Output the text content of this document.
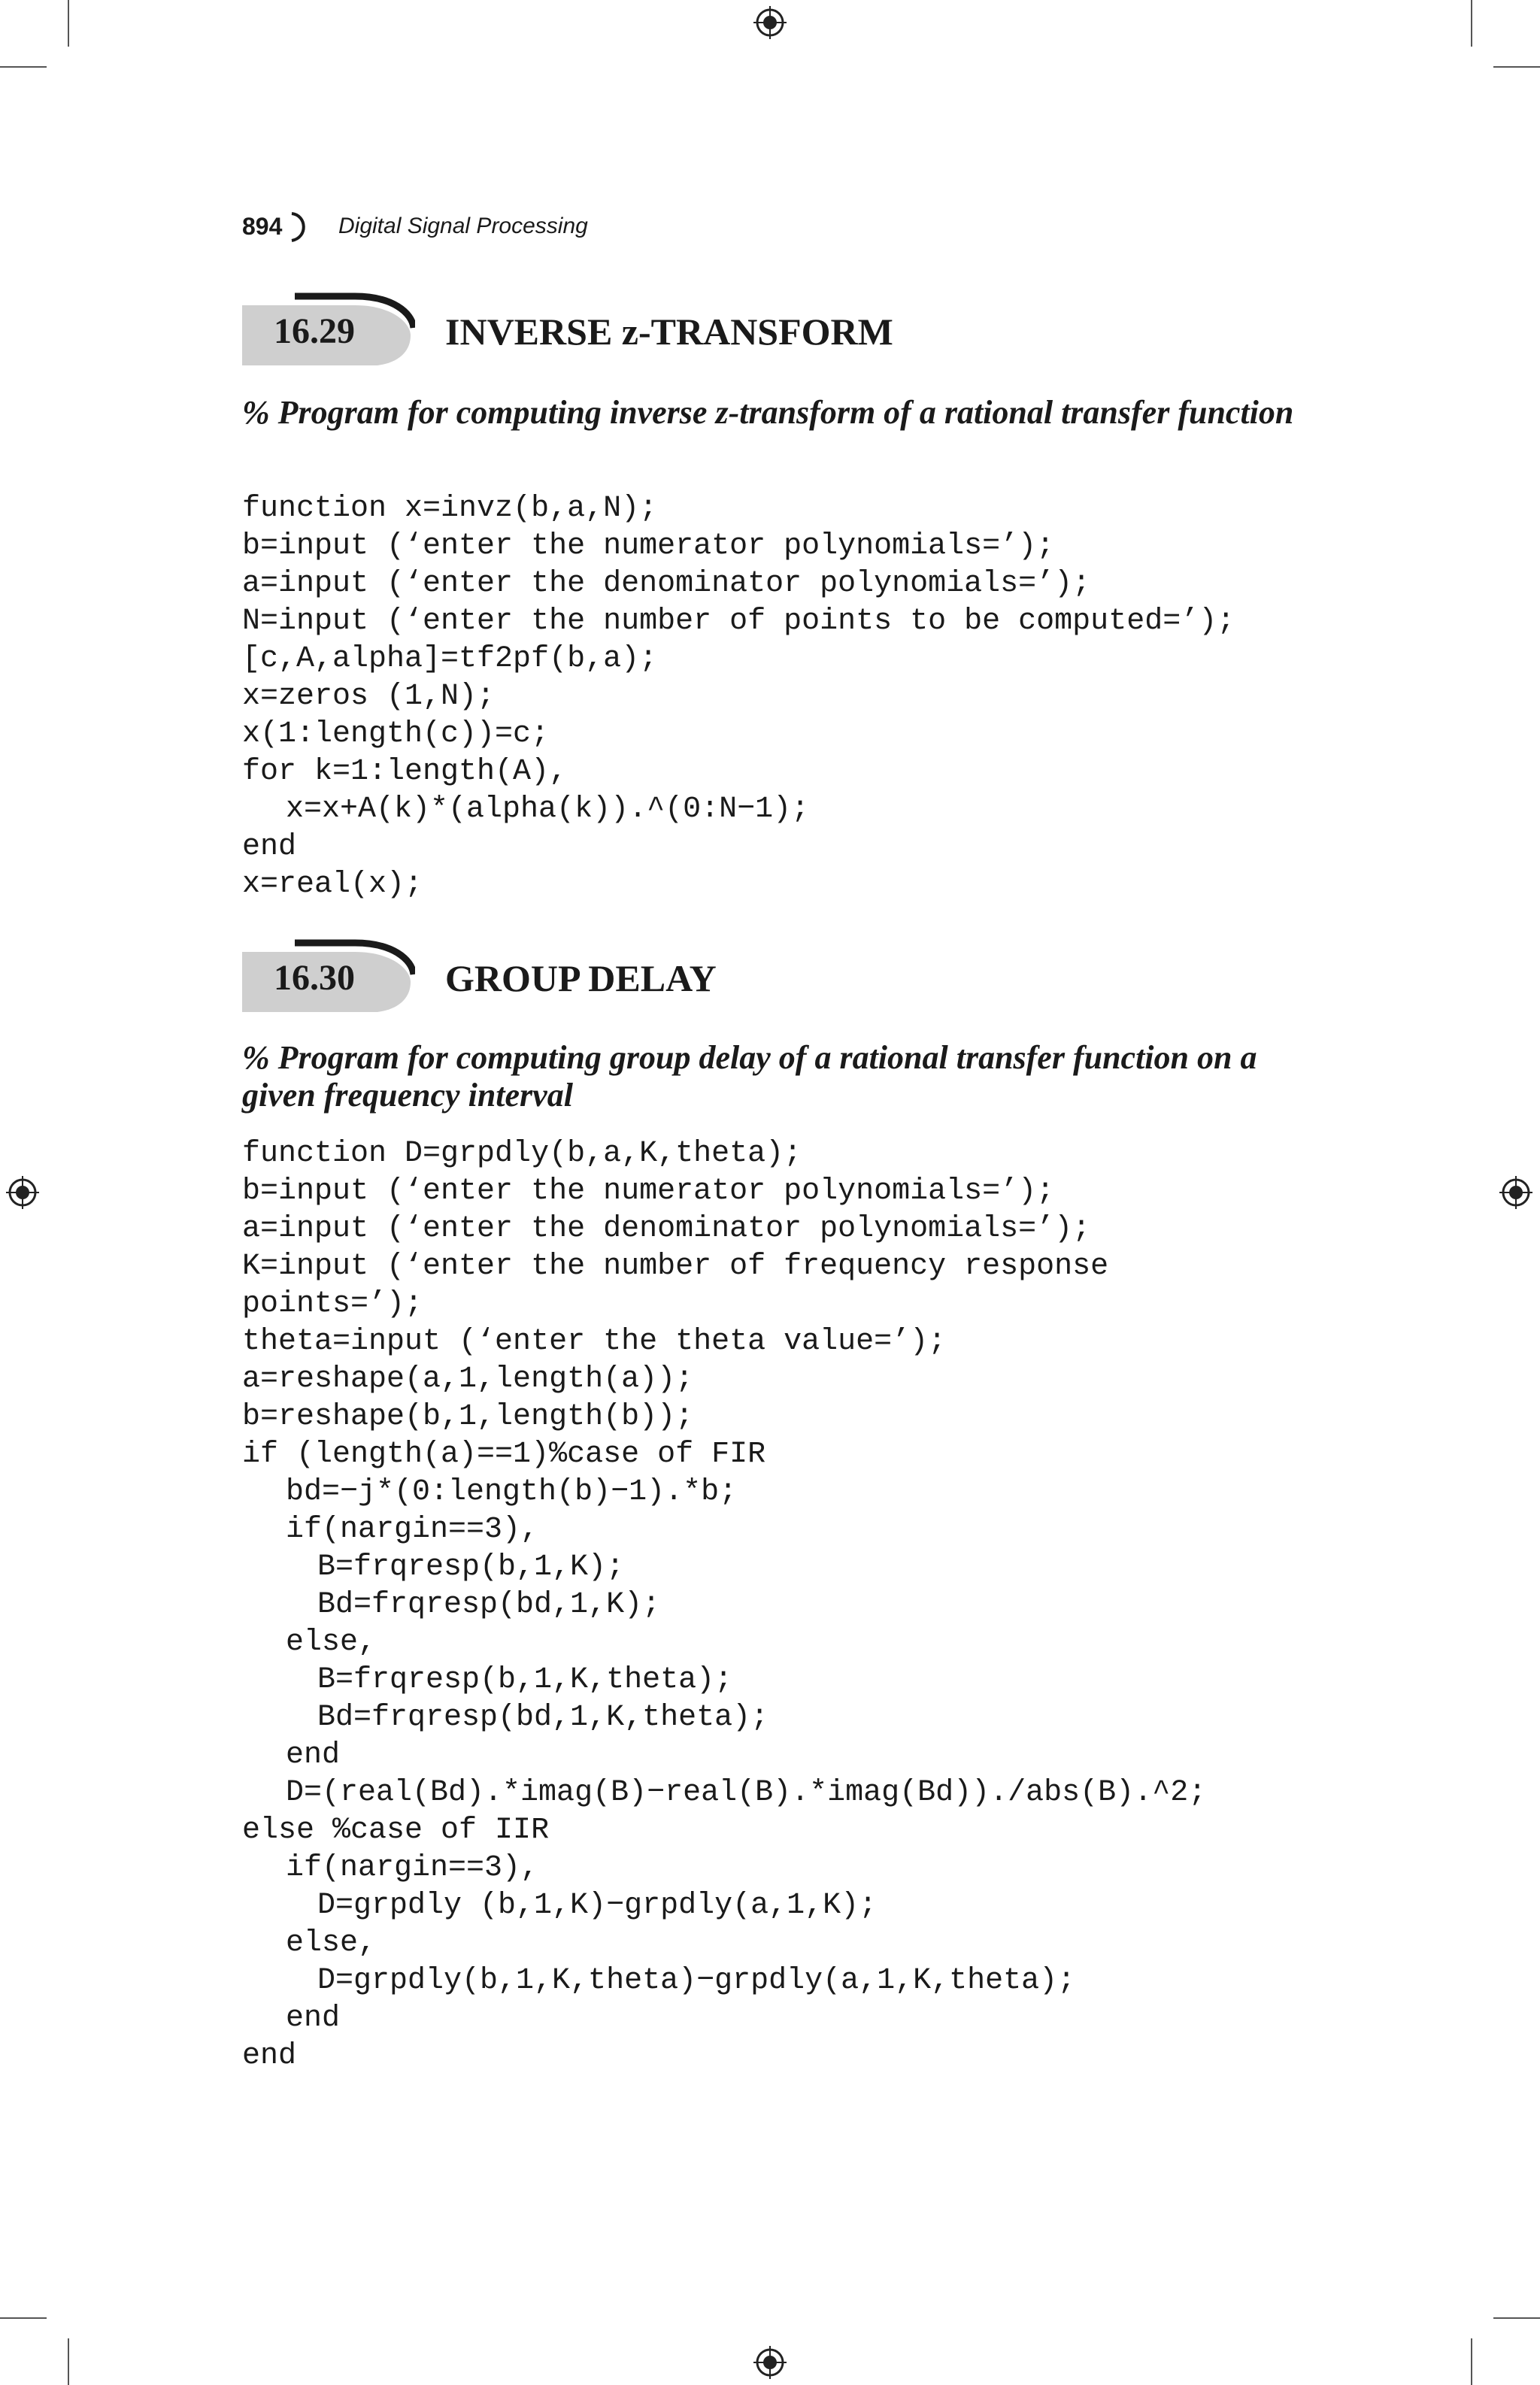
894 Digital Signal Processing
16.29	INVERSE z-TRANSFORM
% Program for computing inverse z-transform of a rational transfer function
function x=invz(b,a,N);
b=input (‘enter the numerator polynomials=’);
a=input (‘enter the denominator polynomials=’);
N=input (‘enter the number of points to be computed=’);
[c,A,alpha]=tf2pf(b,a);
x=zeros (1,N);
x(1:length(c))=c;
for k=1:length(A),
x=x+A(k)*(alpha(k)).^(0:N−1);
end
x=real(x);
16.30	GROUP DELAY
% Program for computing group delay of a rational transfer function on a given frequency interval
function D=grpdly(b,a,K,theta);
b=input (‘enter the numerator polynomials=’);
a=input (‘enter the denominator polynomials=’);
K=input (‘enter the number of frequency response
points=’);
theta=input (‘enter the theta value=’);
a=reshape(a,1,length(a));
b=reshape(b,1,length(b));
if (length(a)==1)%case of FIR
bd=−j*(0:length(b)−1).*b;
if(nargin==3),
B=frqresp(b,1,K);
Bd=frqresp(bd,1,K);
else,
B=frqresp(b,1,K,theta);
Bd=frqresp(bd,1,K,theta);
end
D=(real(Bd).*imag(B)−real(B).*imag(Bd))./abs(B).^2;
else %case of IIR
if(nargin==3),
D=grpdly (b,1,K)−grpdly(a,1,K);
else,
D=grpdly(b,1,K,theta)−grpdly(a,1,K,theta);
end
end
